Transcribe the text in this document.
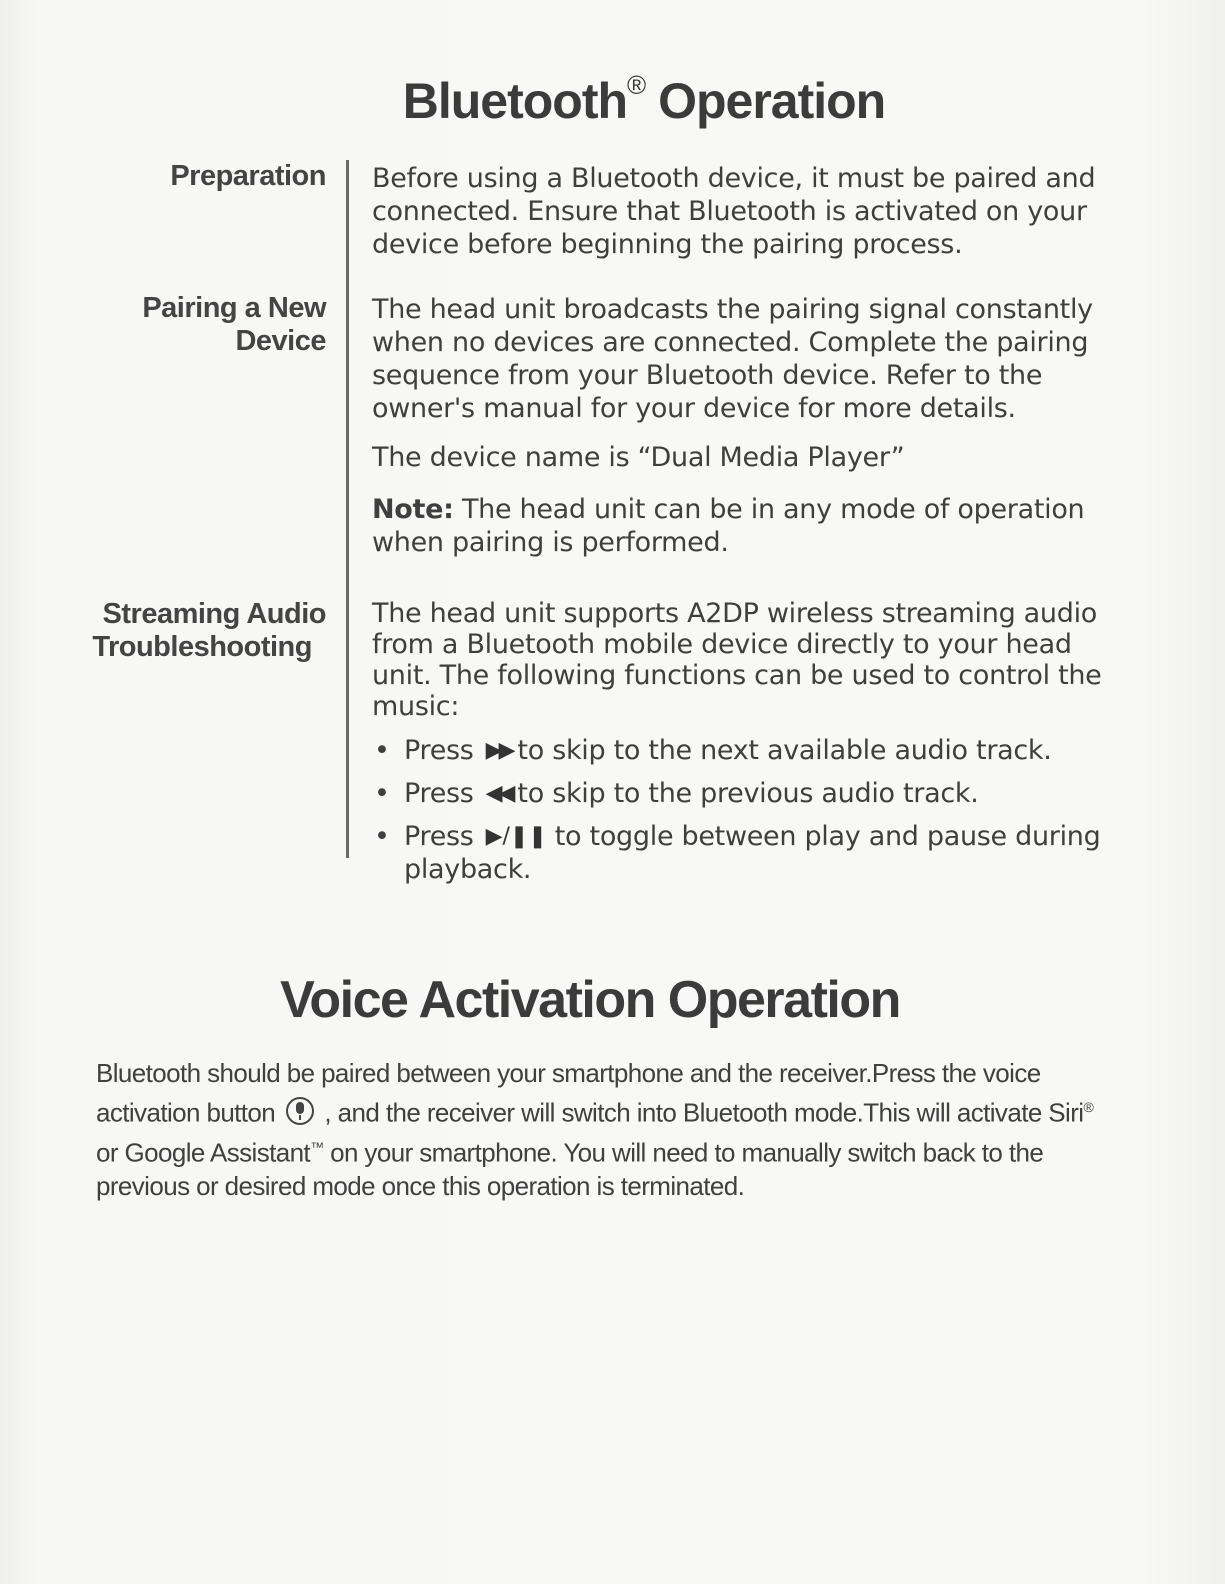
Bluetooth® Operation
Preparation Before using a Bluetooth device, it must be paired and connected. Ensure that Bluetooth is activated on your device before beginning the pairing process.

Pairing a New
Device

The head unit broadcasts the pairing signal constantly when no devices are connected. Complete the pairing sequence from your Bluetooth device. Refer to the owner's manual for your device for more details.

The device name is “Dual Media Player”

Note: The head unit can be in any mode of operation when pairing is performed.

Streaming Audio
Troubleshooting

The head unit supports A2DP wireless streaming audio from a Bluetooth mobile device directly to your head unit. The following functions can be used to control the music:

• Press ▶▶ to skip to the next available audio track.
• Press ◀◀ to skip to the previous audio track.
• Press ▶/❚❚ to toggle between play and pause during playback.
Voice Activation Operation

Bluetooth should be paired between your smartphone and the receiver.Press the voice activation button  , and the receiver will switch into Bluetooth mode.This will activate Siri® or Google Assistant™ on your smartphone. You will need to manually switch back to the previous or desired mode once this operation is terminated.
